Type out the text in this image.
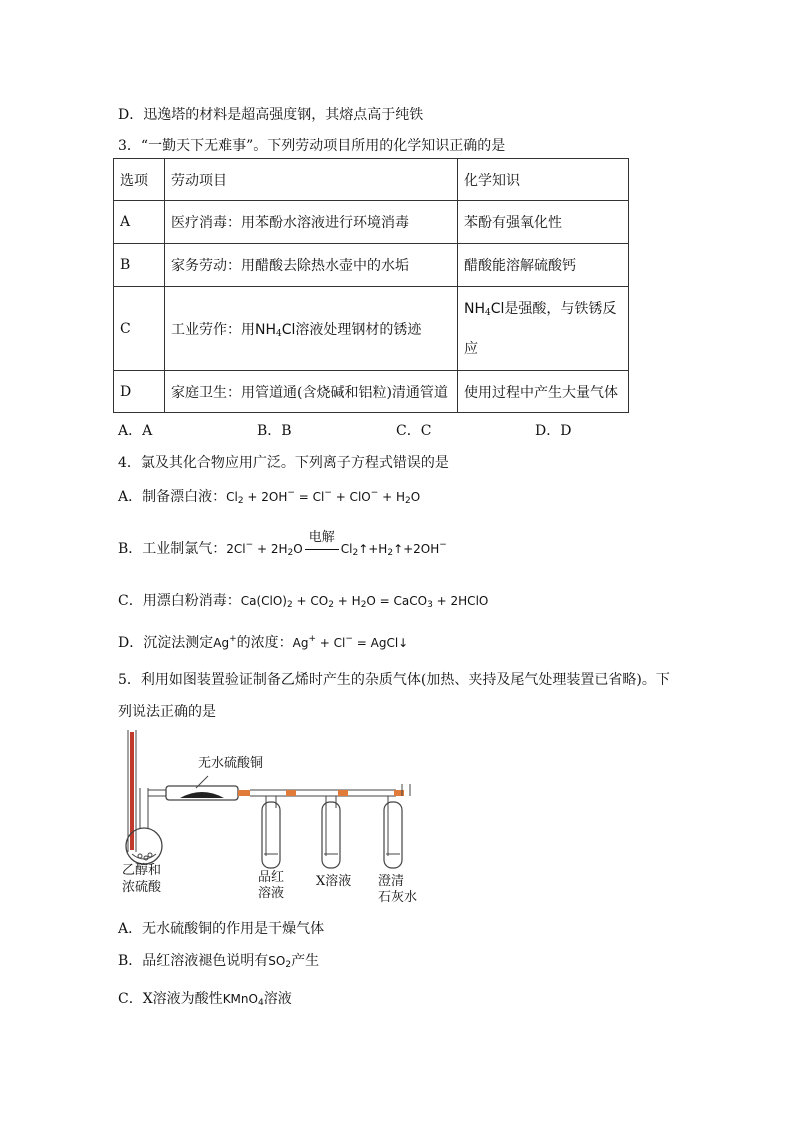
D．迅逸塔的材料是超高强度钢，其熔点高于纯铁
3．“一勤天下无难事”。下列劳动项目所用的化学知识正确的是
选项	劳动项目	化学知识
A	医疗消毒：用苯酚水溶液进行环境消毒	苯酚有强氧化性
B	家务劳动：用醋酸去除热水壶中的水垢	醋酸能溶解硫酸钙
C	工业劳作：用$NH_4Cl$溶液处理钢材的锈迹	$NH_4Cl$是强酸，与铁锈反
应
D	家庭卫生：用管道通(含烧碱和铝粒)清通管道	使用过程中产生大量气体
A．A	B．B	C．C	D．D
4．氯及其化合物应用广泛。下列离子方程式错误的是
A．制备漂白液：$Cl_2 + 2OH^- = Cl^- + ClO^- + H_2O$
B．工业制氯气：$2Cl^- + 2H_2O$
电解
$Cl_2↑+H_2↑+2OH^-$
C．用漂白粉消毒：$Ca(ClO)_2 + CO_2 + H_2O$ = CaCO$_3$ + 2HClO
D．沉淀法测定Ag+的浓度：Ag+ + Cl− = AgCl↓
5．利用如图装置验证制备乙烯时产生的杂质气体(加热、夹持及尾气处理装置已省略)。下
列说法正确的是
无水硫酸铜
乙醇和
浓硫酸
品红
溶液
X溶液 澄清
石灰水
A．无水硫酸铜的作用是干燥气体
B．品红溶液褪色说明有$SO_2$产生
C．X溶液为酸性KMnO$_4$溶液
